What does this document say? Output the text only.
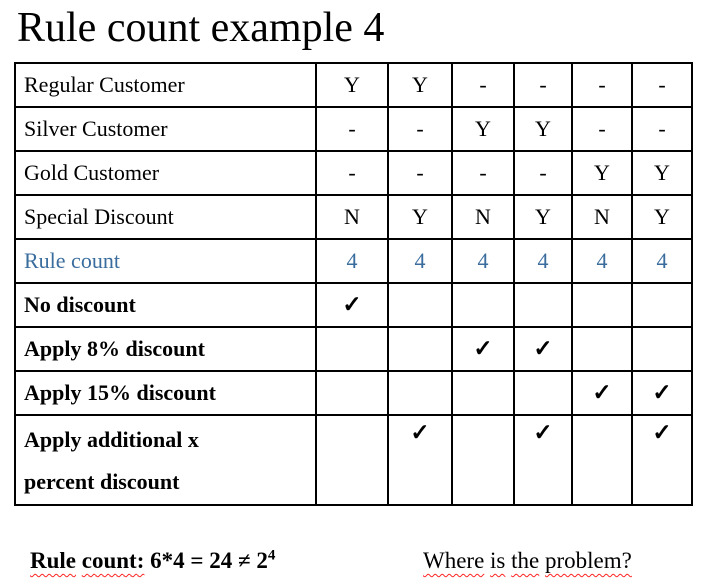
Rule count example 4
Regular Customer	Y	Y	-	-	-	-
Silver Customer	-	-	Y	Y	-	-
Gold Customer	-	-	-	-	Y	Y
Special Discount	N	Y	N	Y	N	Y
Rule count	4	4	4	4	4	4
No discount	✓					
Apply 8% discount			✓	✓		
Apply 15% discount					✓	✓
Apply additional x percent discount		✓		✓		✓
Rule count: $6*4 = 24 \ne 2^4$	Where is the problem?
